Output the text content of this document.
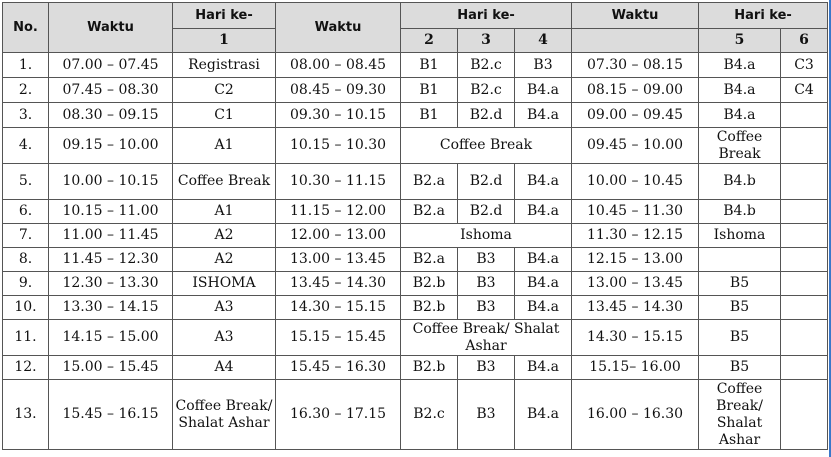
No.	Waktu	Hari ke-	Waktu	Hari ke-			Waktu	Hari ke-	
		1		2	3	4		5	6
1.	07.00 – 07.45	Registrasi	08.00 – 08.45	B1	B2.c	B3	07.30 – 08.15	B4.a	C3
2.	07.45 – 08.30	C2	08.45 – 09.30	B1	B2.c	B4.a	08.15 – 09.00	B4.a	C4
3.	08.30 – 09.15	C1	09.30 – 10.15	B1	B2.d	B4.a	09.00 – 09.45	B4.a	
4.	09.15 – 10.00	A1	10.15 – 10.30	Coffee Break			09.45 – 10.00	Coffee Break	
5.	10.00 – 10.15	Coffee Break	10.30 – 11.15	B2.a	B2.d	B4.a	10.00 – 10.45	B4.b	
6.	10.15 – 11.00	A1	11.15 – 12.00	B2.a	B2.d	B4.a	10.45 – 11.30	B4.b	
7.	11.00 – 11.45	A2	12.00 – 13.00	Ishoma			11.30 – 12.15	Ishoma	
8.	11.45 – 12.30	A2	13.00 – 13.45	B2.a	B3	B4.a	12.15 – 13.00		
9.	12.30 – 13.30	ISHOMA	13.45 – 14.30	B2.b	B3	B4.a	13.00 – 13.45	B5	
10.	13.30 – 14.15	A3	14.30 – 15.15	B2.b	B3	B4.a	13.45 – 14.30	B5	
11.	14.15 – 15.00	A3	15.15 – 15.45	Coffee Break/ Shalat Ashar			14.30 – 15.15	B5	
12.	15.00 – 15.45	A4	15.45 – 16.30	B2.b	B3	B4.a	15.15– 16.00	B5	
13.	15.45 – 16.15	Coffee Break/ Shalat Ashar	16.30 – 17.15	B2.c	B3	B4.a	16.00 – 16.30	Coffee Break/ Shalat Ashar	
